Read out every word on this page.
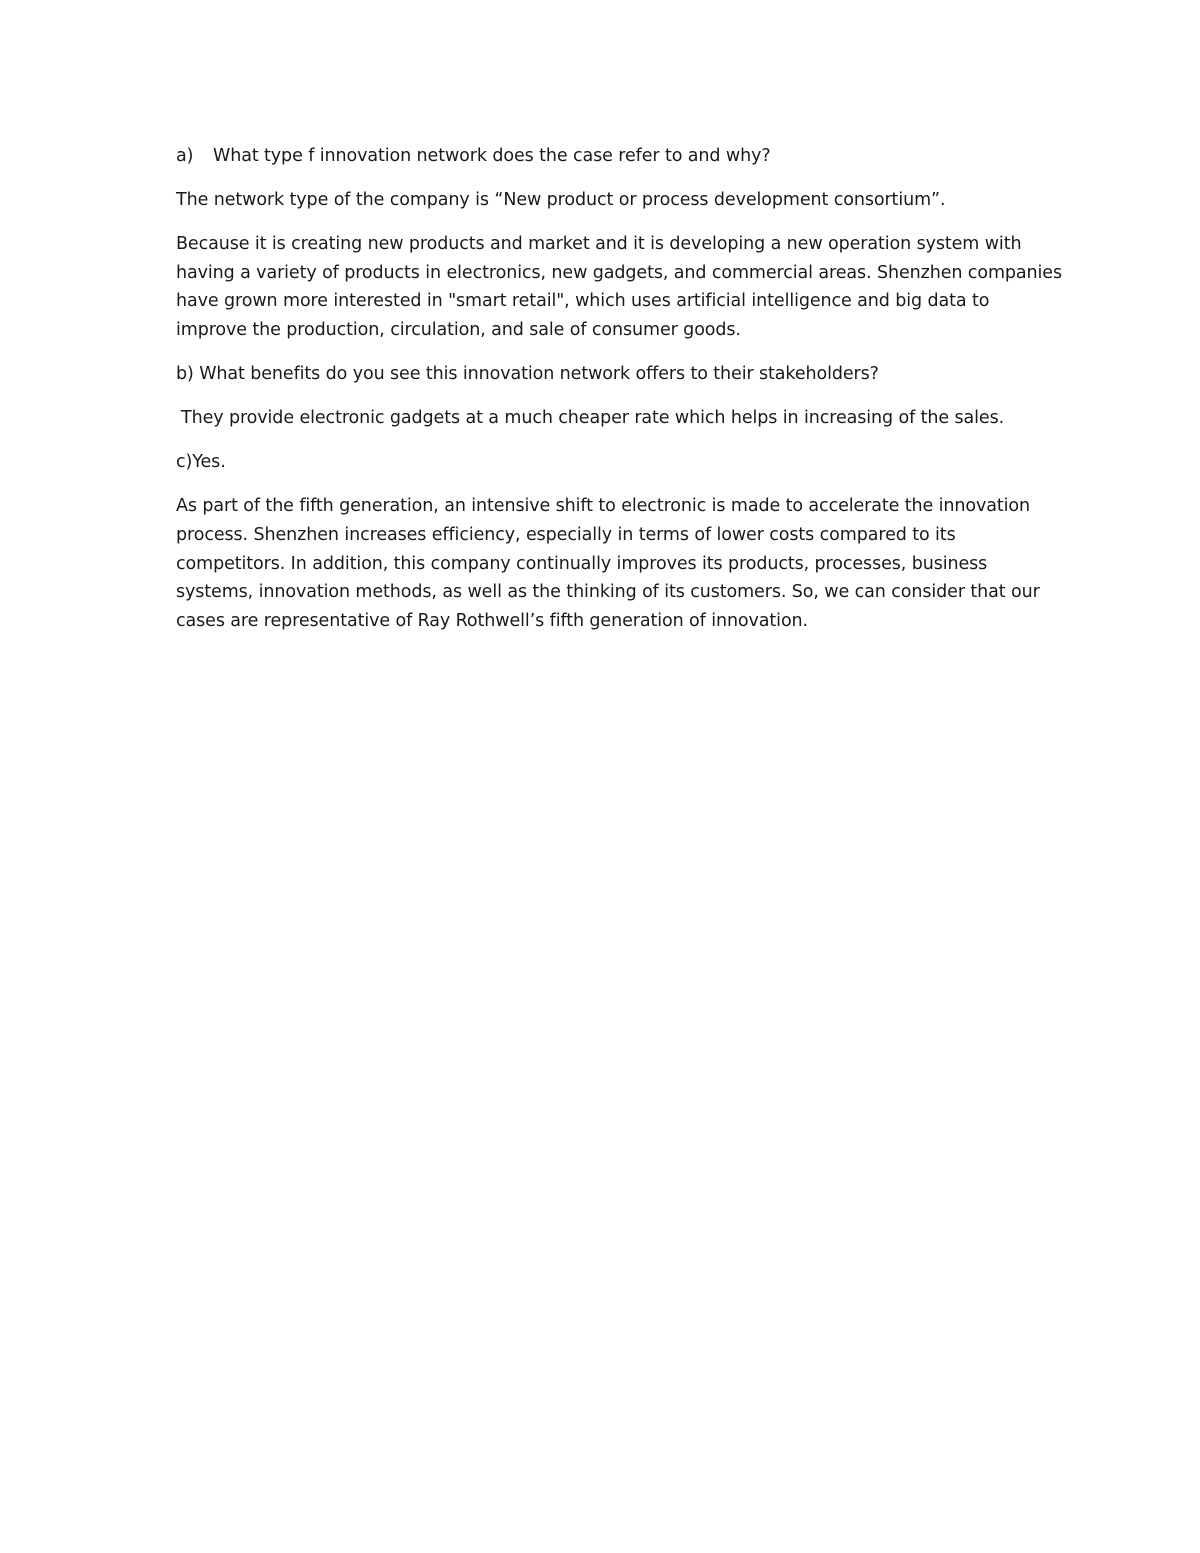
a)	What type f innovation network does the case refer to and why?

The network type of the company is “New product or process development consortium”.

Because it is creating new products and market and it is developing a new operation system with
having a variety of products in electronics, new gadgets, and commercial areas. Shenzhen companies
have grown more interested in "smart retail", which uses artificial intelligence and big data to
improve the production, circulation, and sale of consumer goods.

b) What benefits do you see this innovation network offers to their stakeholders?

They provide electronic gadgets at a much cheaper rate which helps in increasing of the sales.

c)Yes.

As part of the fifth generation, an intensive shift to electronic is made to accelerate the innovation
process. Shenzhen increases efficiency, especially in terms of lower costs compared to its
competitors. In addition, this company continually improves its products, processes, business
systems, innovation methods, as well as the thinking of its customers. So, we can consider that our
cases are representative of Ray Rothwell’s fifth generation of innovation.
